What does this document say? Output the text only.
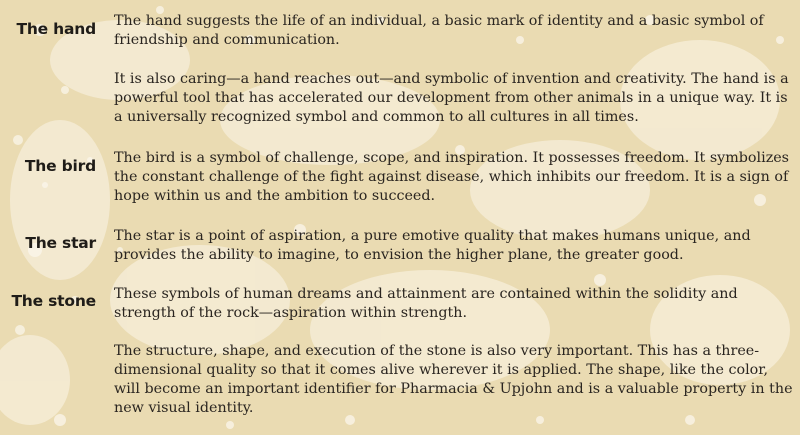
The hand The hand suggests the life of an individual, a basic mark of identity and a basic symbol of friendship and communication.

It is also caring—a hand reaches out—and symbolic of invention and creativity. The hand is a powerful tool that has accelerated our development from other animals in a unique way. It is a universally recognized symbol and common to all cultures in all times.

The bird The bird is a symbol of challenge, scope, and inspiration. It possesses freedom. It symbolizes the constant challenge of the fight against disease, which inhibits our freedom. It is a sign of hope within us and the ambition to succeed.

The star The star is a point of aspiration, a pure emotive quality that makes humans unique, and provides the ability to imagine, to envision the higher plane, the greater good.

The stone These symbols of human dreams and attainment are contained within the solidity and strength of the rock—aspiration within strength.

The structure, shape, and execution of the stone is also very important. This has a three-dimensional quality so that it comes alive wherever it is applied. The shape, like the color, will become an important identifier for Pharmacia & Upjohn and is a valuable property in the new visual identity.
